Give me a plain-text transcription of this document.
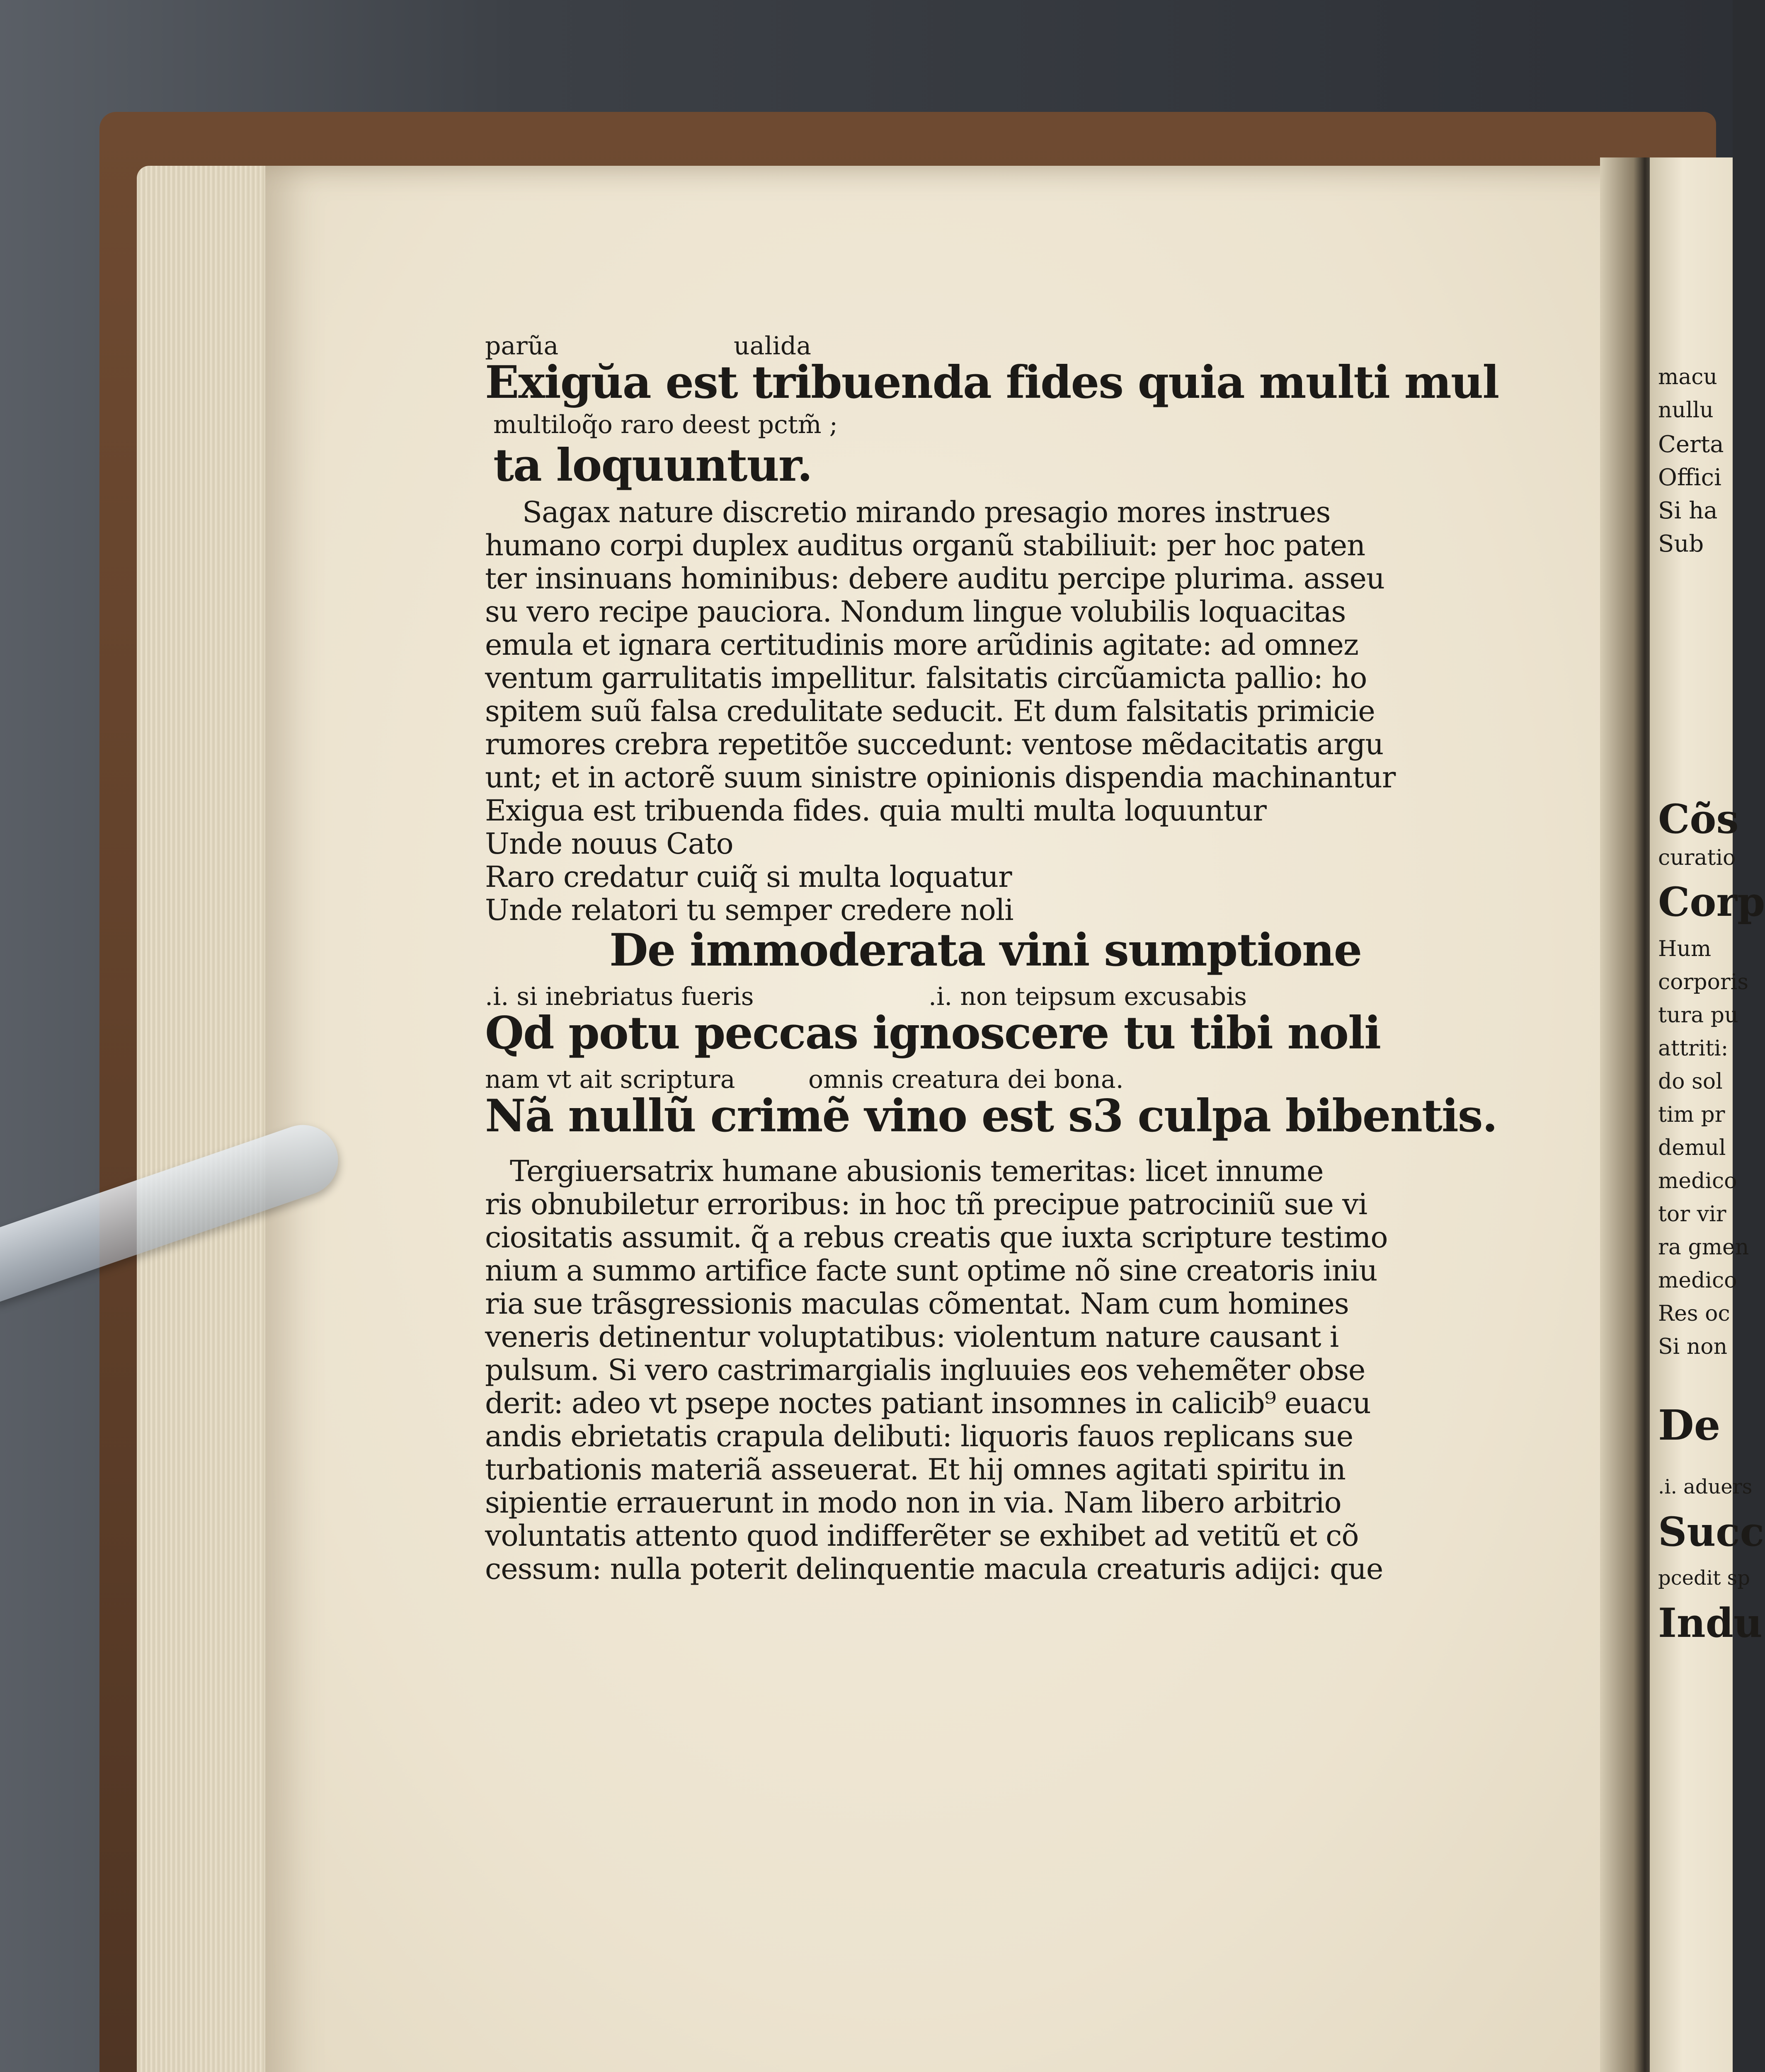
parũa	ualida
Exigŭa est tribuenda fides quia multi mul
multiloq̃o raro deest pctm̃ ;
ta loquuntur.
Sagax nature discretio mirando presagio mores instrues
humano corpi duplex auditus organũ stabiliuit: per hoc paten
ter insinuans hominibus: debere auditu percipe plurima. asseu
su vero recipe pauciora. Nondum lingue volubilis loquacitas
emula et ignara certitudinis more arũdinis agitate: ad omnez
ventum garrulitatis impellitur. falsitatis circũamicta pallio: ho
spitem suũ falsa credulitate seducit. Et dum falsitatis primicie
rumores crebra repetitõe succedunt: ventose mẽdacitatis argu
unt; et in actorẽ suum sinistre opinionis dispendia machinantur
Exigua est tribuenda fides. quia multi multa loquuntur
Unde nouus Cato
Raro credatur cuiq̃ si multa loquatur
Unde relatori tu semper credere noli
De immoderata vini sumptione
.i. si inebriatus fueris	.i. non teipsum excusabis
Qd potu peccas ignoscere tu tibi noli
nam vt ait scriptura	omnis creatura dei bona.
Nã nullũ crimẽ vino est s3 culpa bibentis.
Tergiuersatrix humane abusionis temeritas: licet innume
ris obnubiletur erroribus: in hoc tñ precipue patrociniũ sue vi
ciositatis assumit. q̃ a rebus creatis que iuxta scripture testimo
nium a summo artifice facte sunt optime nõ sine creatoris iniu
ria sue trãsgressionis maculas cõmentat. Nam cum homines
veneris detinentur voluptatibus: violentum nature causant i
pulsum. Si vero castrimargialis ingluuies eos vehemẽter obse
derit: adeo vt psepe noctes patiant insomnes in calicib⁹ euacu
andis ebrietatis crapula delibuti: liquoris fauos replicans sue
turbationis materiã asseuerat. Et hij omnes agitati spiritu in
sipientie errauerunt in modo non in via. Nam libero arbitrio
voluntatis attento quod indifferẽter se exhibet ad vetitũ et cõ
cessum: nulla poterit delinquentie macula creaturis adijci: que
macu
nullu
Certa
Offici
Si ha
Sub
Cõs
curatio
Corp
Hum
corporis
tura pu
attriti:
do sol
tim pr
demul
medico
tor vir
ra gmen
medico
Res oc
Si non
De
.i. aduers
Succ
pcedit sp
Indu
